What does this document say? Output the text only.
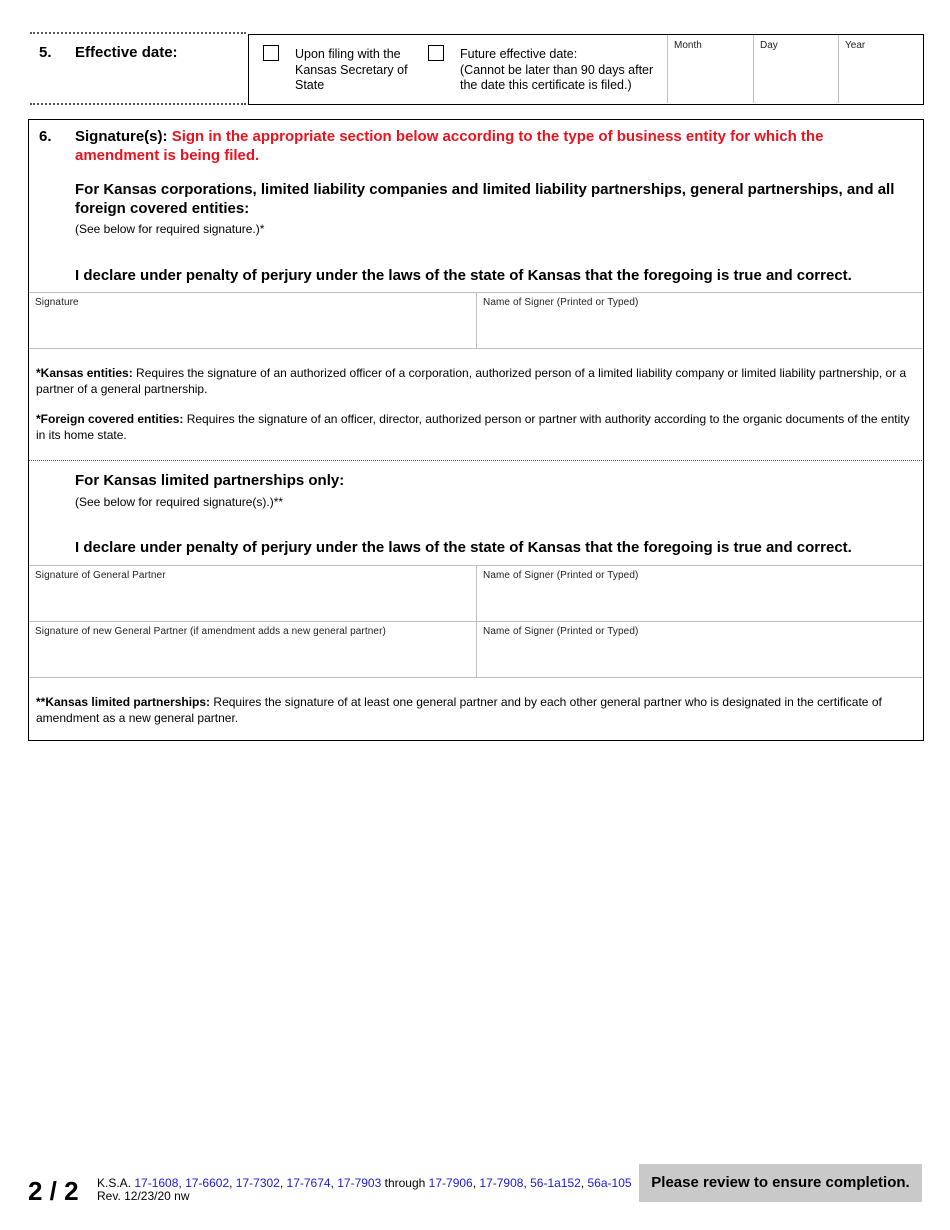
5. Effective date:	Upon filing with the Kansas Secretary of State
Future effective date:
(Cannot be later than 90 days after the date this certificate is filed.)
Month	Day	Year
6. Signature(s): Sign in the appropriate section below according to the type of business entity for which the amendment is being filed.
For Kansas corporations, limited liability companies and limited liability partnerships, general partnerships, and all foreign covered entities:
(See below for required signature.)*
I declare under penalty of perjury under the laws of the state of Kansas that the foregoing is true and correct.
Signature	Name of Signer (Printed or Typed)
*Kansas entities: Requires the signature of an authorized officer of a corporation, authorized person of a limited liability company or limited liability partnership, or a partner of a general partnership.
*Foreign covered entities: Requires the signature of an officer, director, authorized person or partner with authority according to the organic documents of the entity in its home state.
For Kansas limited partnerships only:
(See below for required signature(s).)**
I declare under penalty of perjury under the laws of the state of Kansas that the foregoing is true and correct.
Signature of General Partner	Name of Signer (Printed or Typed)
Signature of new General Partner (if amendment adds a new general partner)	Name of Signer (Printed or Typed)
**Kansas limited partnerships: Requires the signature of at least one general partner and by each other general partner who is designated in the certificate of amendment as a new general partner.
2 / 2 K.S.A. 17-1608, 17-6602, 17-7302, 17-7674, 17-7903 through 17-7906, 17-7908, 56-1a152, 56a-105
Rev. 12/23/20 nw
Please review to ensure completion.
